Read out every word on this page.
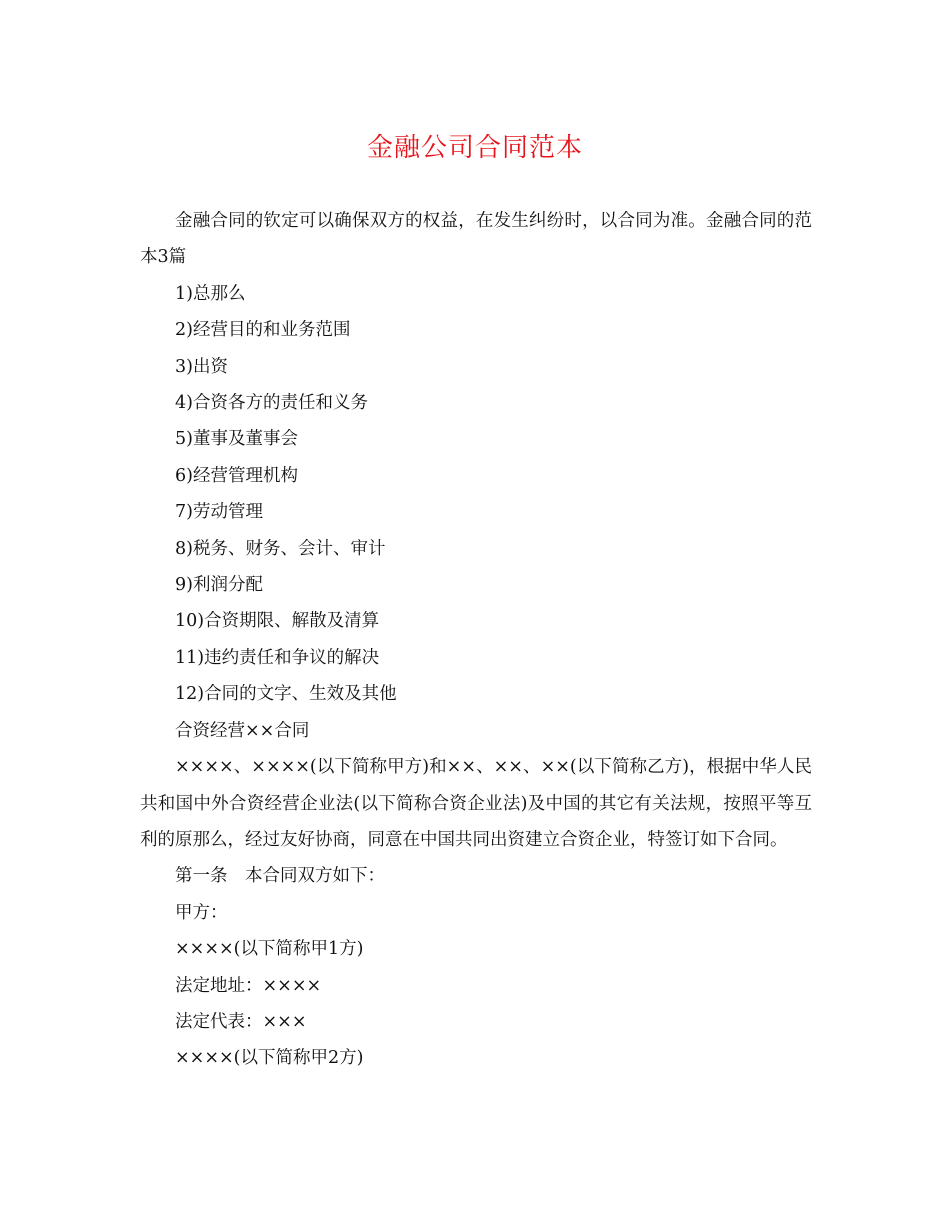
金融公司合同范本

金融合同的钦定可以确保双方的权益，在发生纠纷时，以合同为准。金融合同的范本3篇

1)总那么

2)经营目的和业务范围

3)出资

4)合资各方的责任和义务

5)董事及董事会

6)经营管理机构

7)劳动管理

8)税务、财务、会计、审计

9)利润分配

10)合资期限、解散及清算

11)违约责任和争议的解决

12)合同的文字、生效及其他

合资经营××合同

××××、××××(以下简称甲方)和××、××、××(以下简称乙方)，根据中华人民共和国中外合资经营企业法(以下简称合资企业法)及中国的其它有关法规，按照平等互利的原那么，经过友好协商，同意在中国共同出资建立合资企业，特签订如下合同。

第一条　本合同双方如下：

甲方：

××××(以下简称甲1方)

法定地址：××××

法定代表：×××

××××(以下简称甲2方)
